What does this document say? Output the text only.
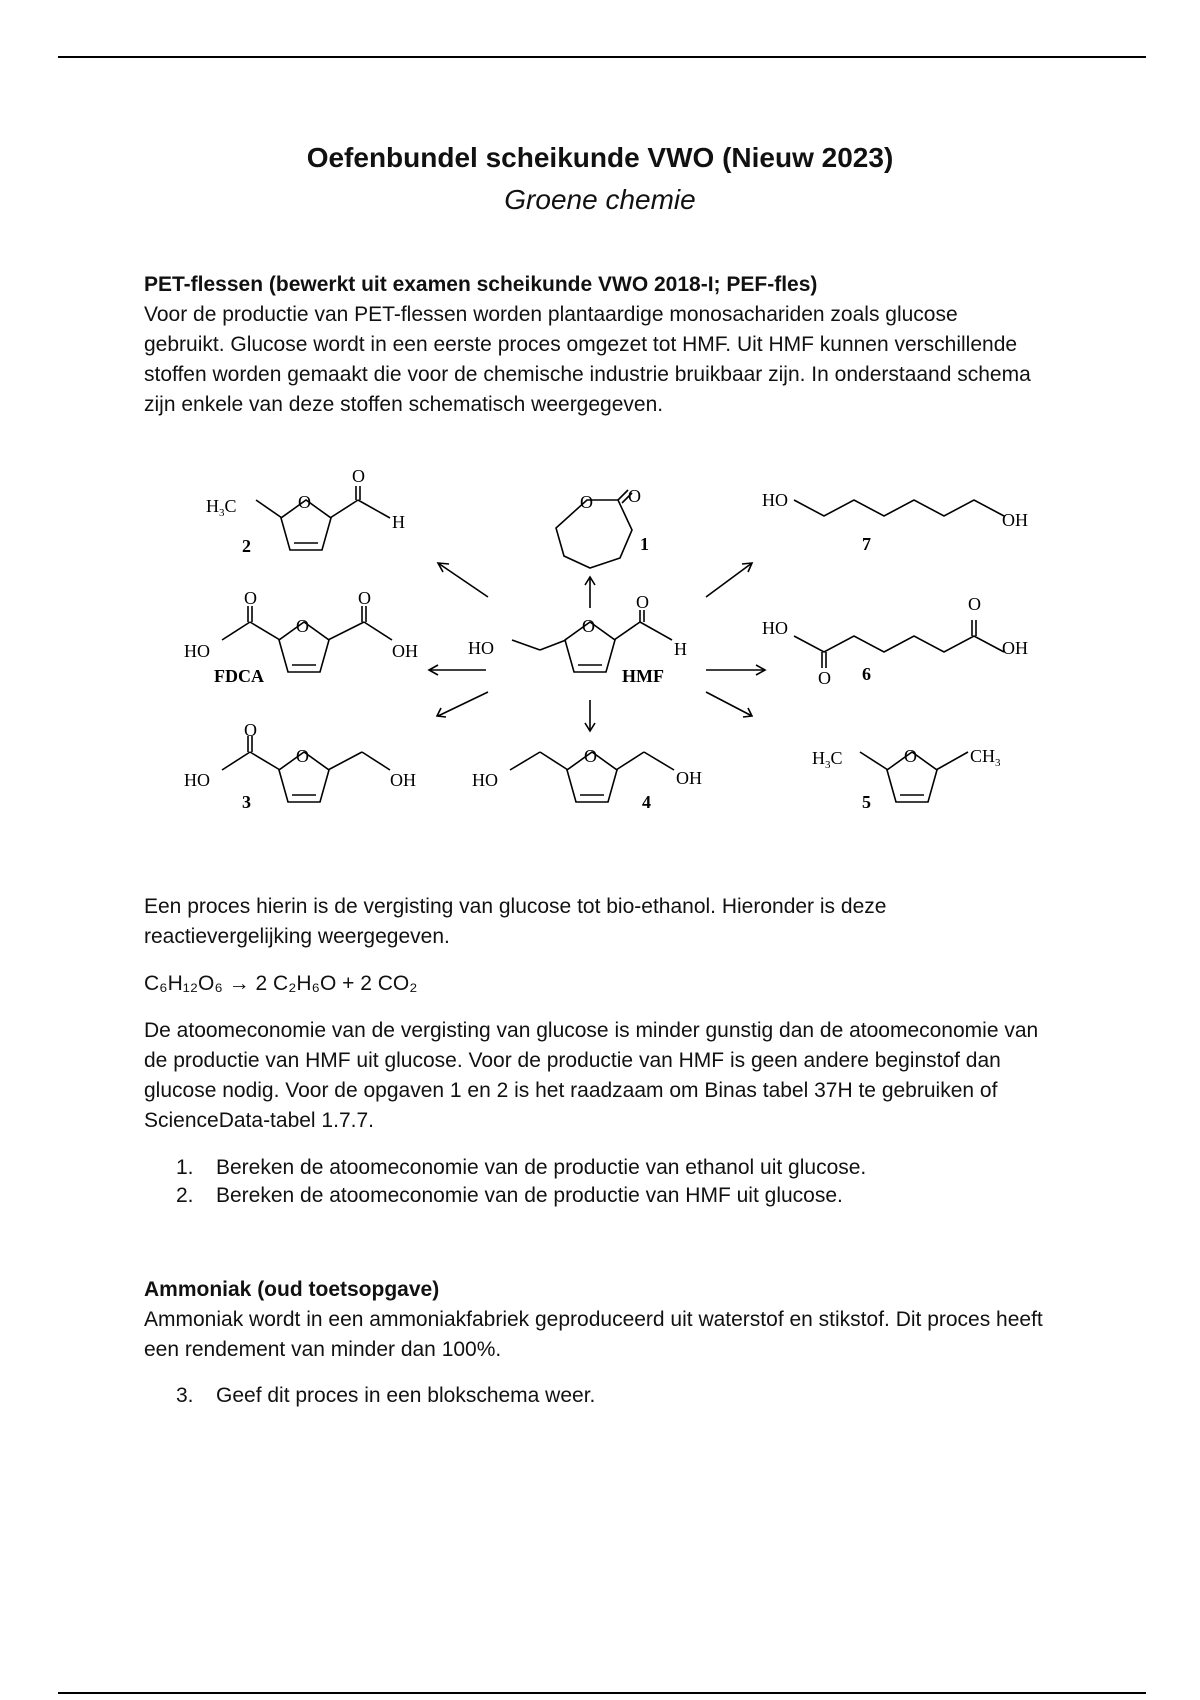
Oefenbundel scheikunde VWO (Nieuw 2023)
Groene chemie

PET-flessen (bewerkt uit examen scheikunde VWO 2018-I; PEF-fles)

Voor de productie van PET-flessen worden plantaardige monosachariden zoals glucose gebruikt. Glucose wordt in een eerste proces omgezet tot HMF. Uit HMF kunnen verschillende stoffen worden gemaakt die voor de chemische industrie bruikbaar zijn. In onderstaand schema zijn enkele van deze stoffen schematisch weergegeven.

HO
O
O
H
HMF
$H_3C$	O
O
H
2
O O
1
HO
OH
7
HO
O
O
O
OH
FDCA
HO
O
O
OH
6
HO
O
O
OH
3
HO
O
OH
4
$H_3C$	O	$CH_3$
5

Een proces hierin is de vergisting van glucose tot bio-ethanol. Hieronder is deze reactievergelijking weergegeven.

C₆H₁₂O₆ → 2 C₂H₆O + 2 CO₂

De atoomeconomie van de vergisting van glucose is minder gunstig dan de atoomeconomie van de productie van HMF uit glucose. Voor de productie van HMF is geen andere beginstof dan glucose nodig. Voor de opgaven 1 en 2 is het raadzaam om Binas tabel 37H te gebruiken of ScienceData-tabel 1.7.7.

1.	Bereken de atoomeconomie van de productie van ethanol uit glucose.
2.	Bereken de atoomeconomie van de productie van HMF uit glucose.

Ammoniak (oud toetsopgave)

Ammoniak wordt in een ammoniakfabriek geproduceerd uit waterstof en stikstof. Dit proces heeft een rendement van minder dan 100%.

3.	Geef dit proces in een blokschema weer.
